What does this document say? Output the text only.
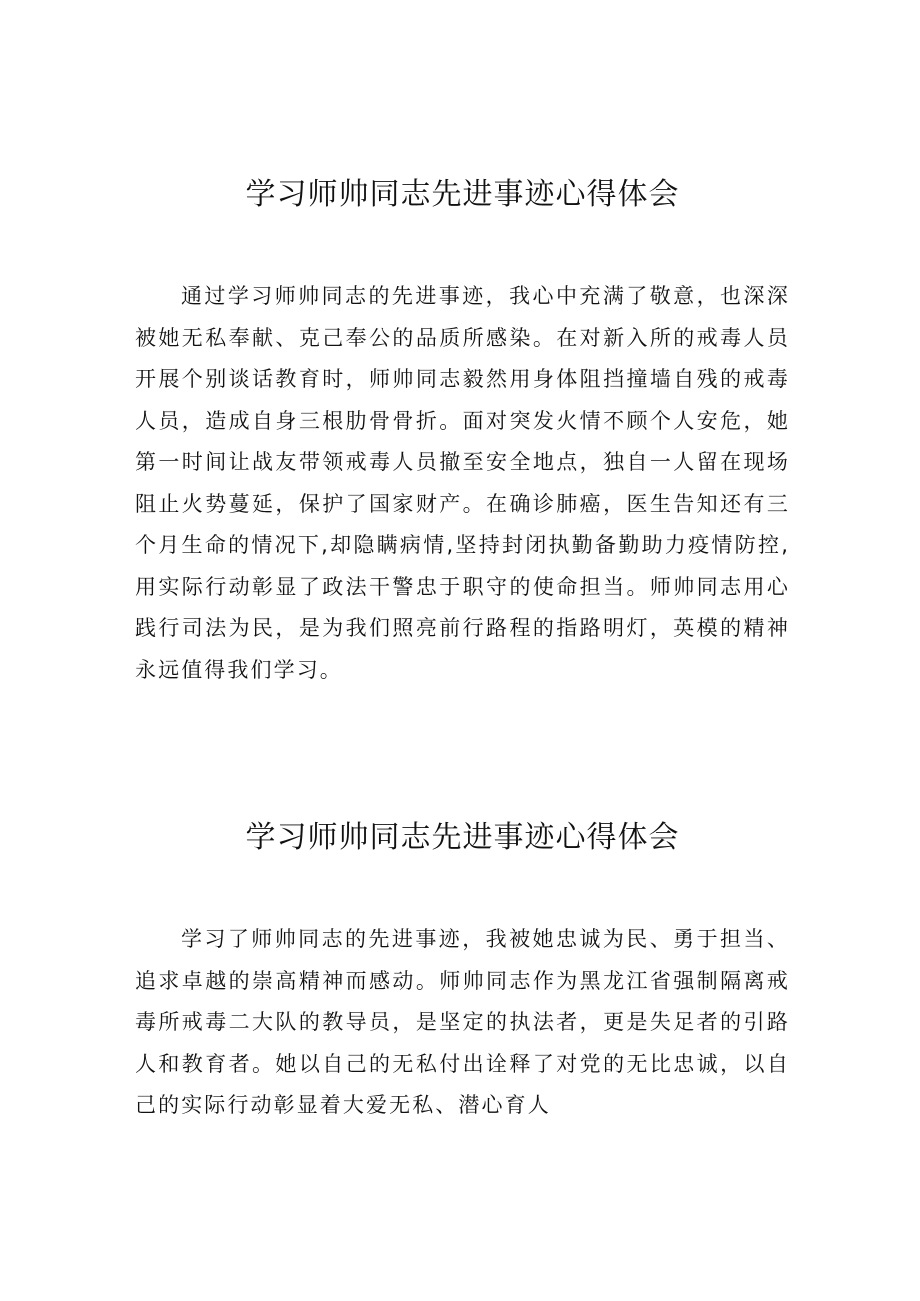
学习师帅同志先进事迹心得体会

通过学习师帅同志的先进事迹，我心中充满了敬意，也深深被她无私奉献、克己奉公的品质所感染。在对新入所的戒毒人员开展个别谈话教育时，师帅同志毅然用身体阻挡撞墙自残的戒毒人员，造成自身三根肋骨骨折。面对突发火情不顾个人安危，她第一时间让战友带领戒毒人员撤至安全地点，独自一人留在现场阻止火势蔓延，保护了国家财产。在确诊肺癌，医生告知还有三个月生命的情况下,却隐瞒病情,坚持封闭执勤备勤助力疫情防控,用实际行动彰显了政法干警忠于职守的使命担当。师帅同志用心践行司法为民，是为我们照亮前行路程的指路明灯，英模的精神永远值得我们学习。

学习师帅同志先进事迹心得体会

学习了师帅同志的先进事迹，我被她忠诚为民、勇于担当、追求卓越的崇高精神而感动。师帅同志作为黑龙江省强制隔离戒毒所戒毒二大队的教导员，是坚定的执法者，更是失足者的引路人和教育者。她以自己的无私付出诠释了对党的无比忠诚，以自己的实际行动彰显着大爱无私、潜心育人
